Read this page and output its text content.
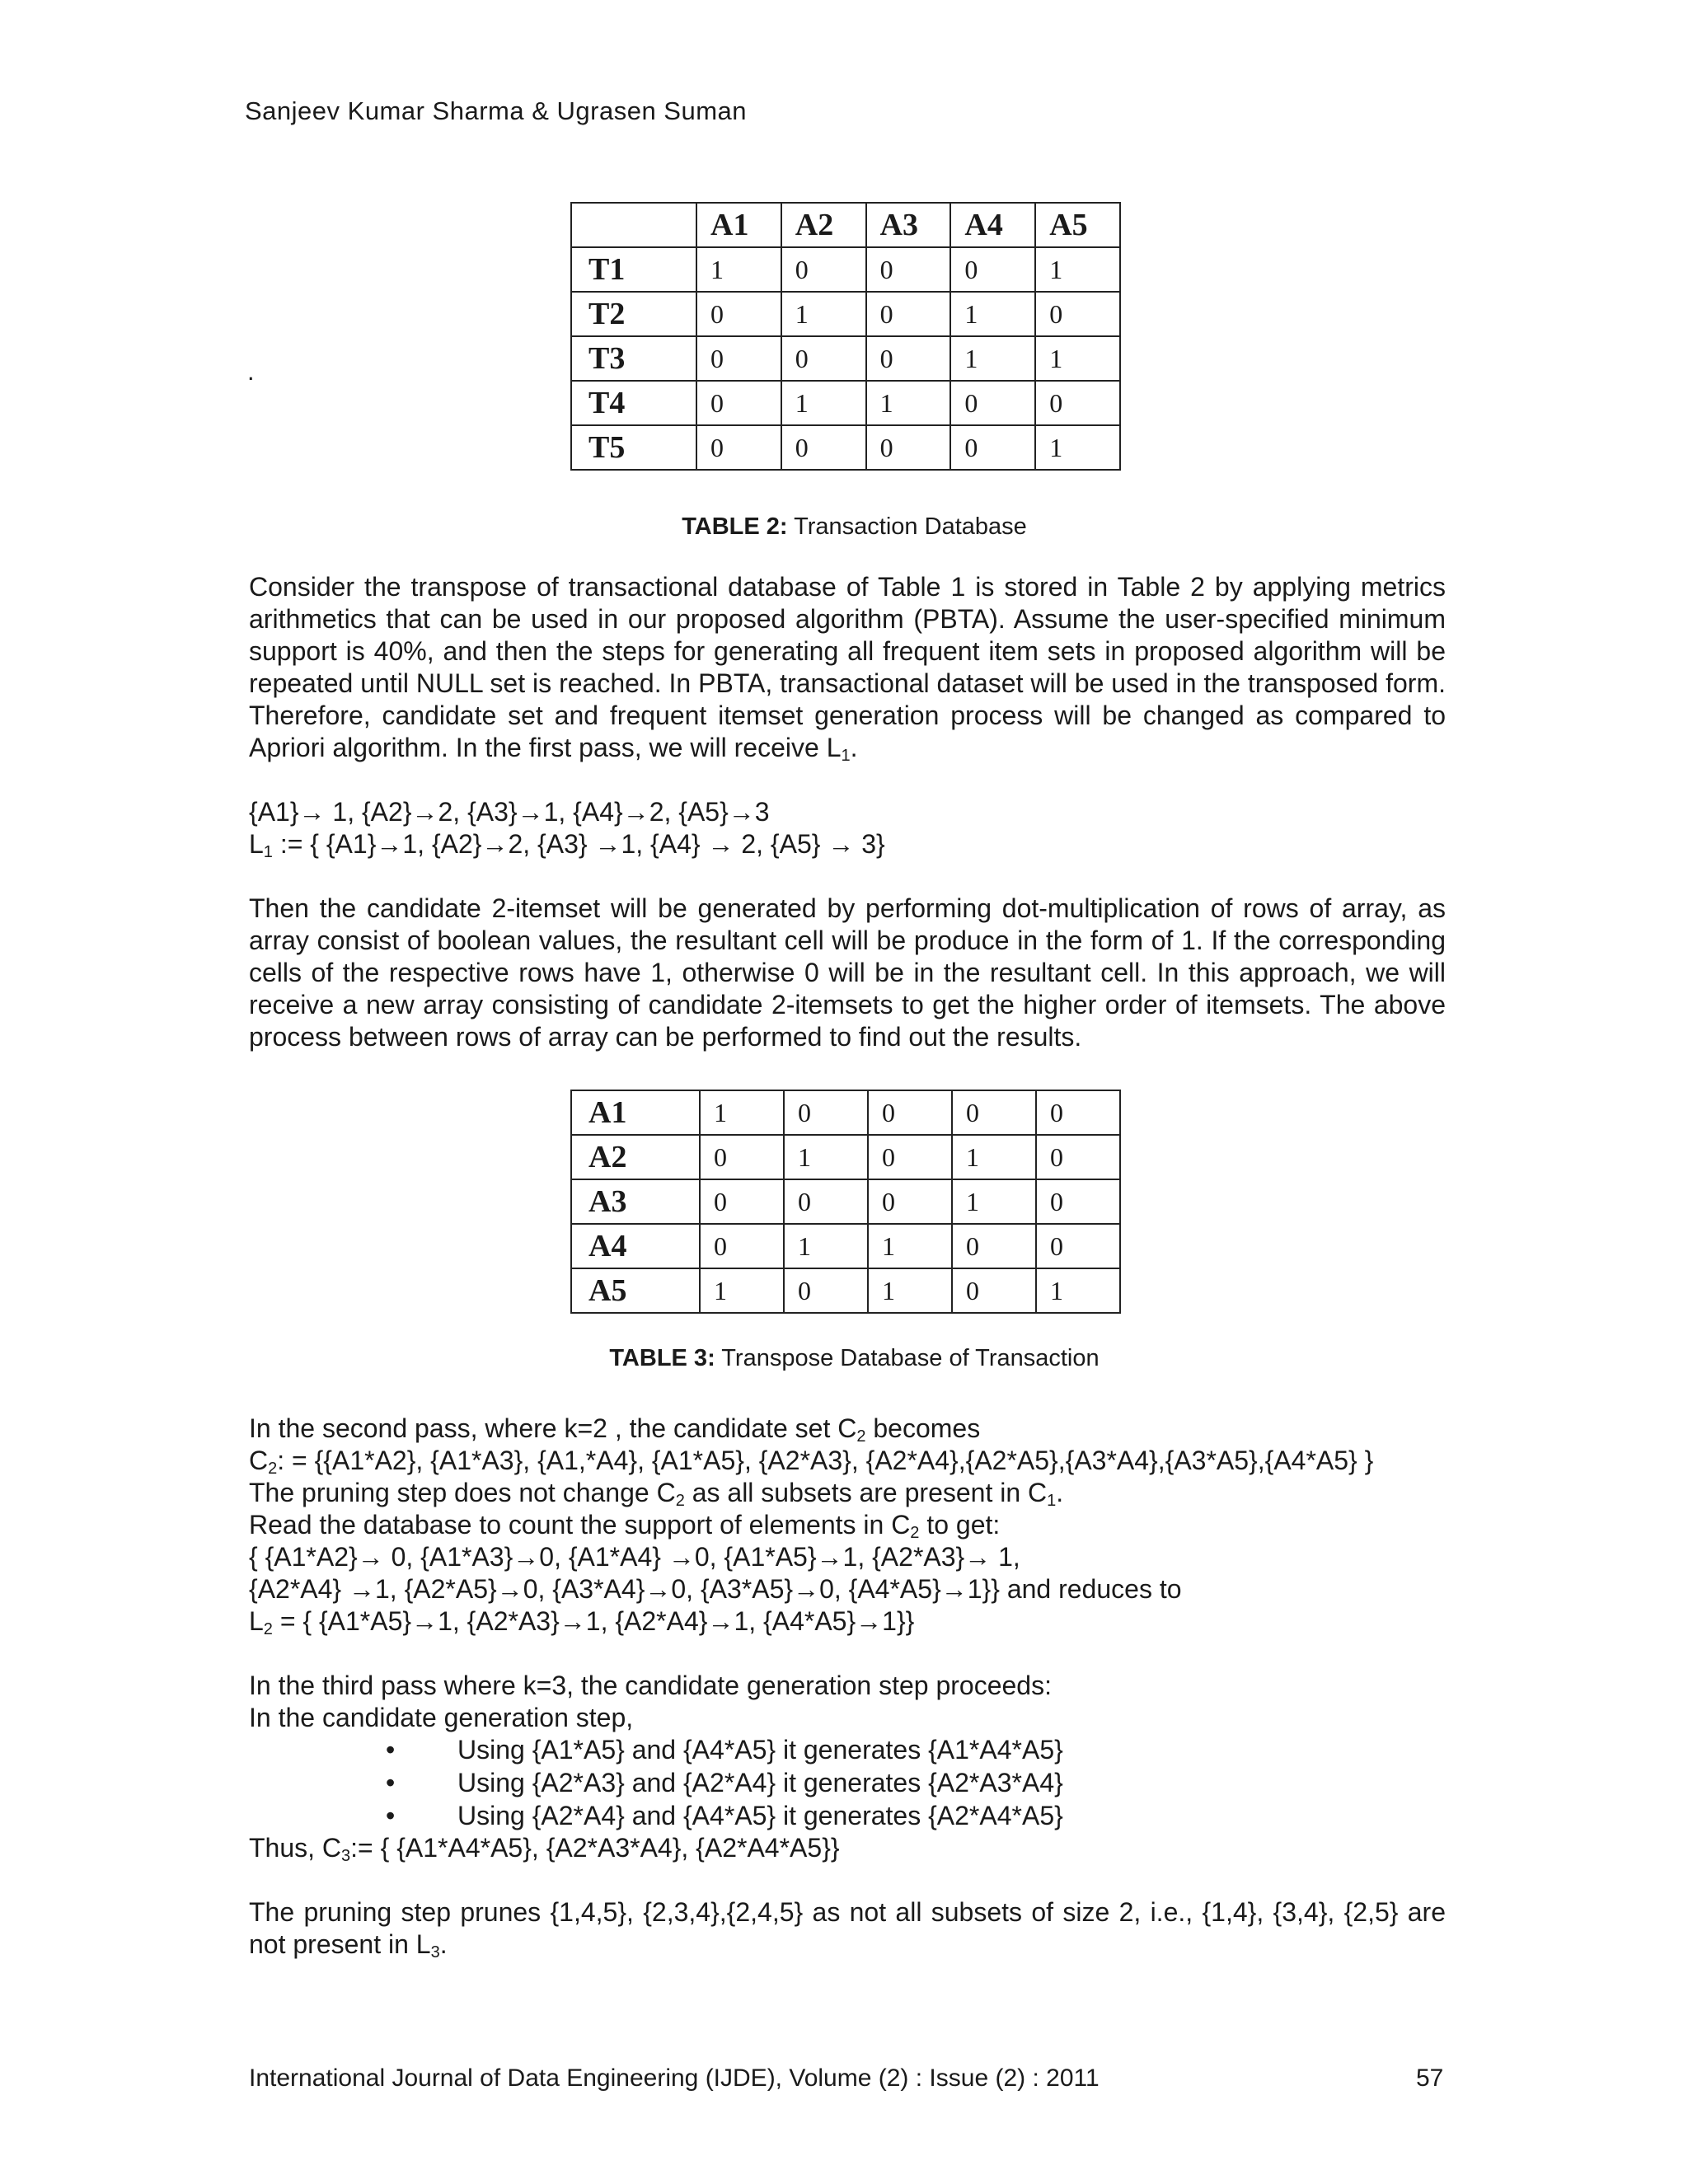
Sanjeev Kumar Sharma & Ugrasen Suman
.
	A1	A2	A3	A4	A5
T1	1	0	0	0	1
T2	0	1	0	1	0
T3	0	0	0	1	1
T4	0	1	1	0	0
T5	0	0	0	0	1
TABLE 2: Transaction Database
Consider the transpose of transactional database of Table 1 is stored in Table 2 by applying metrics arithmetics that can be used in our proposed algorithm (PBTA). Assume the user-specified minimum support is 40%, and then the steps for generating all frequent item sets in proposed algorithm will be repeated until NULL set is reached. In PBTA, transactional dataset will be used in the transposed form. Therefore, candidate set and frequent itemset generation process will be changed as compared to Apriori algorithm. In the first pass, we will receive $L_1$.
{A1}→ 1, {A2}→2, {A3}→1, {A4}→2, {A5}→3
$L_1$ := { {A1}→1, {A2}→2, {A3} →1, {A4} → 2, {A5} → 3}
Then the candidate 2-itemset will be generated by performing dot-multiplication of rows of array, as array consist of boolean values, the resultant cell will be produce in the form of 1. If the corresponding cells of the respective rows have 1, otherwise 0 will be in the resultant cell. In this approach, we will receive a new array consisting of candidate 2-itemsets to get the higher order of itemsets. The above process between rows of array can be performed to find out the results.
A1	1	0	0	0	0
A2	0	1	0	1	0
A3	0	0	0	1	0
A4	0	1	1	0	0
A5	1	0	1	0	1
TABLE 3: Transpose Database of Transaction
In the second pass, where k=2 , the candidate set $C_2$ becomes
$C_2$: = {{A1*A2}, {A1*A3}, {A1,*A4}, {A1*A5}, {A2*A3}, {A2*A4},{A2*A5},{A3*A4},{A3*A5},{A4*A5} }
The pruning step does not change $C_2$ as all subsets are present in $C_1$.
Read the database to count the support of elements in $C_2$ to get:
{ {A1*A2}→ 0, {A1*A3}→0, {A1*A4} →0, {A1*A5}→1, {A2*A3}→ 1,
{A2*A4} →1, {A2*A5}→0, {A3*A4}→0, {A3*A5}→0, {A4*A5}→1}} and reduces to
$L_2$ = { {A1*A5}→1, {A2*A3}→1, {A2*A4}→1, {A4*A5}→1}}
In the third pass where k=3, the candidate generation step proceeds:
In the candidate generation step,
• Using {A1*A5} and {A4*A5} it generates {A1*A4*A5}
• Using {A2*A3} and {A2*A4} it generates {A2*A3*A4}
• Using {A2*A4} and {A4*A5} it generates {A2*A4*A5}
Thus, $C_3:=$ { {A1*A4*A5}, {A2*A3*A4}, {A2*A4*A5}}
The pruning step prunes {1,4,5}, {2,3,4},{2,4,5} as not all subsets of size 2, i.e., {1,4}, {3,4}, {2,5} are not present in $L_3$.
International Journal of Data Engineering (IJDE), Volume (2) : Issue (2) : 2011	57
